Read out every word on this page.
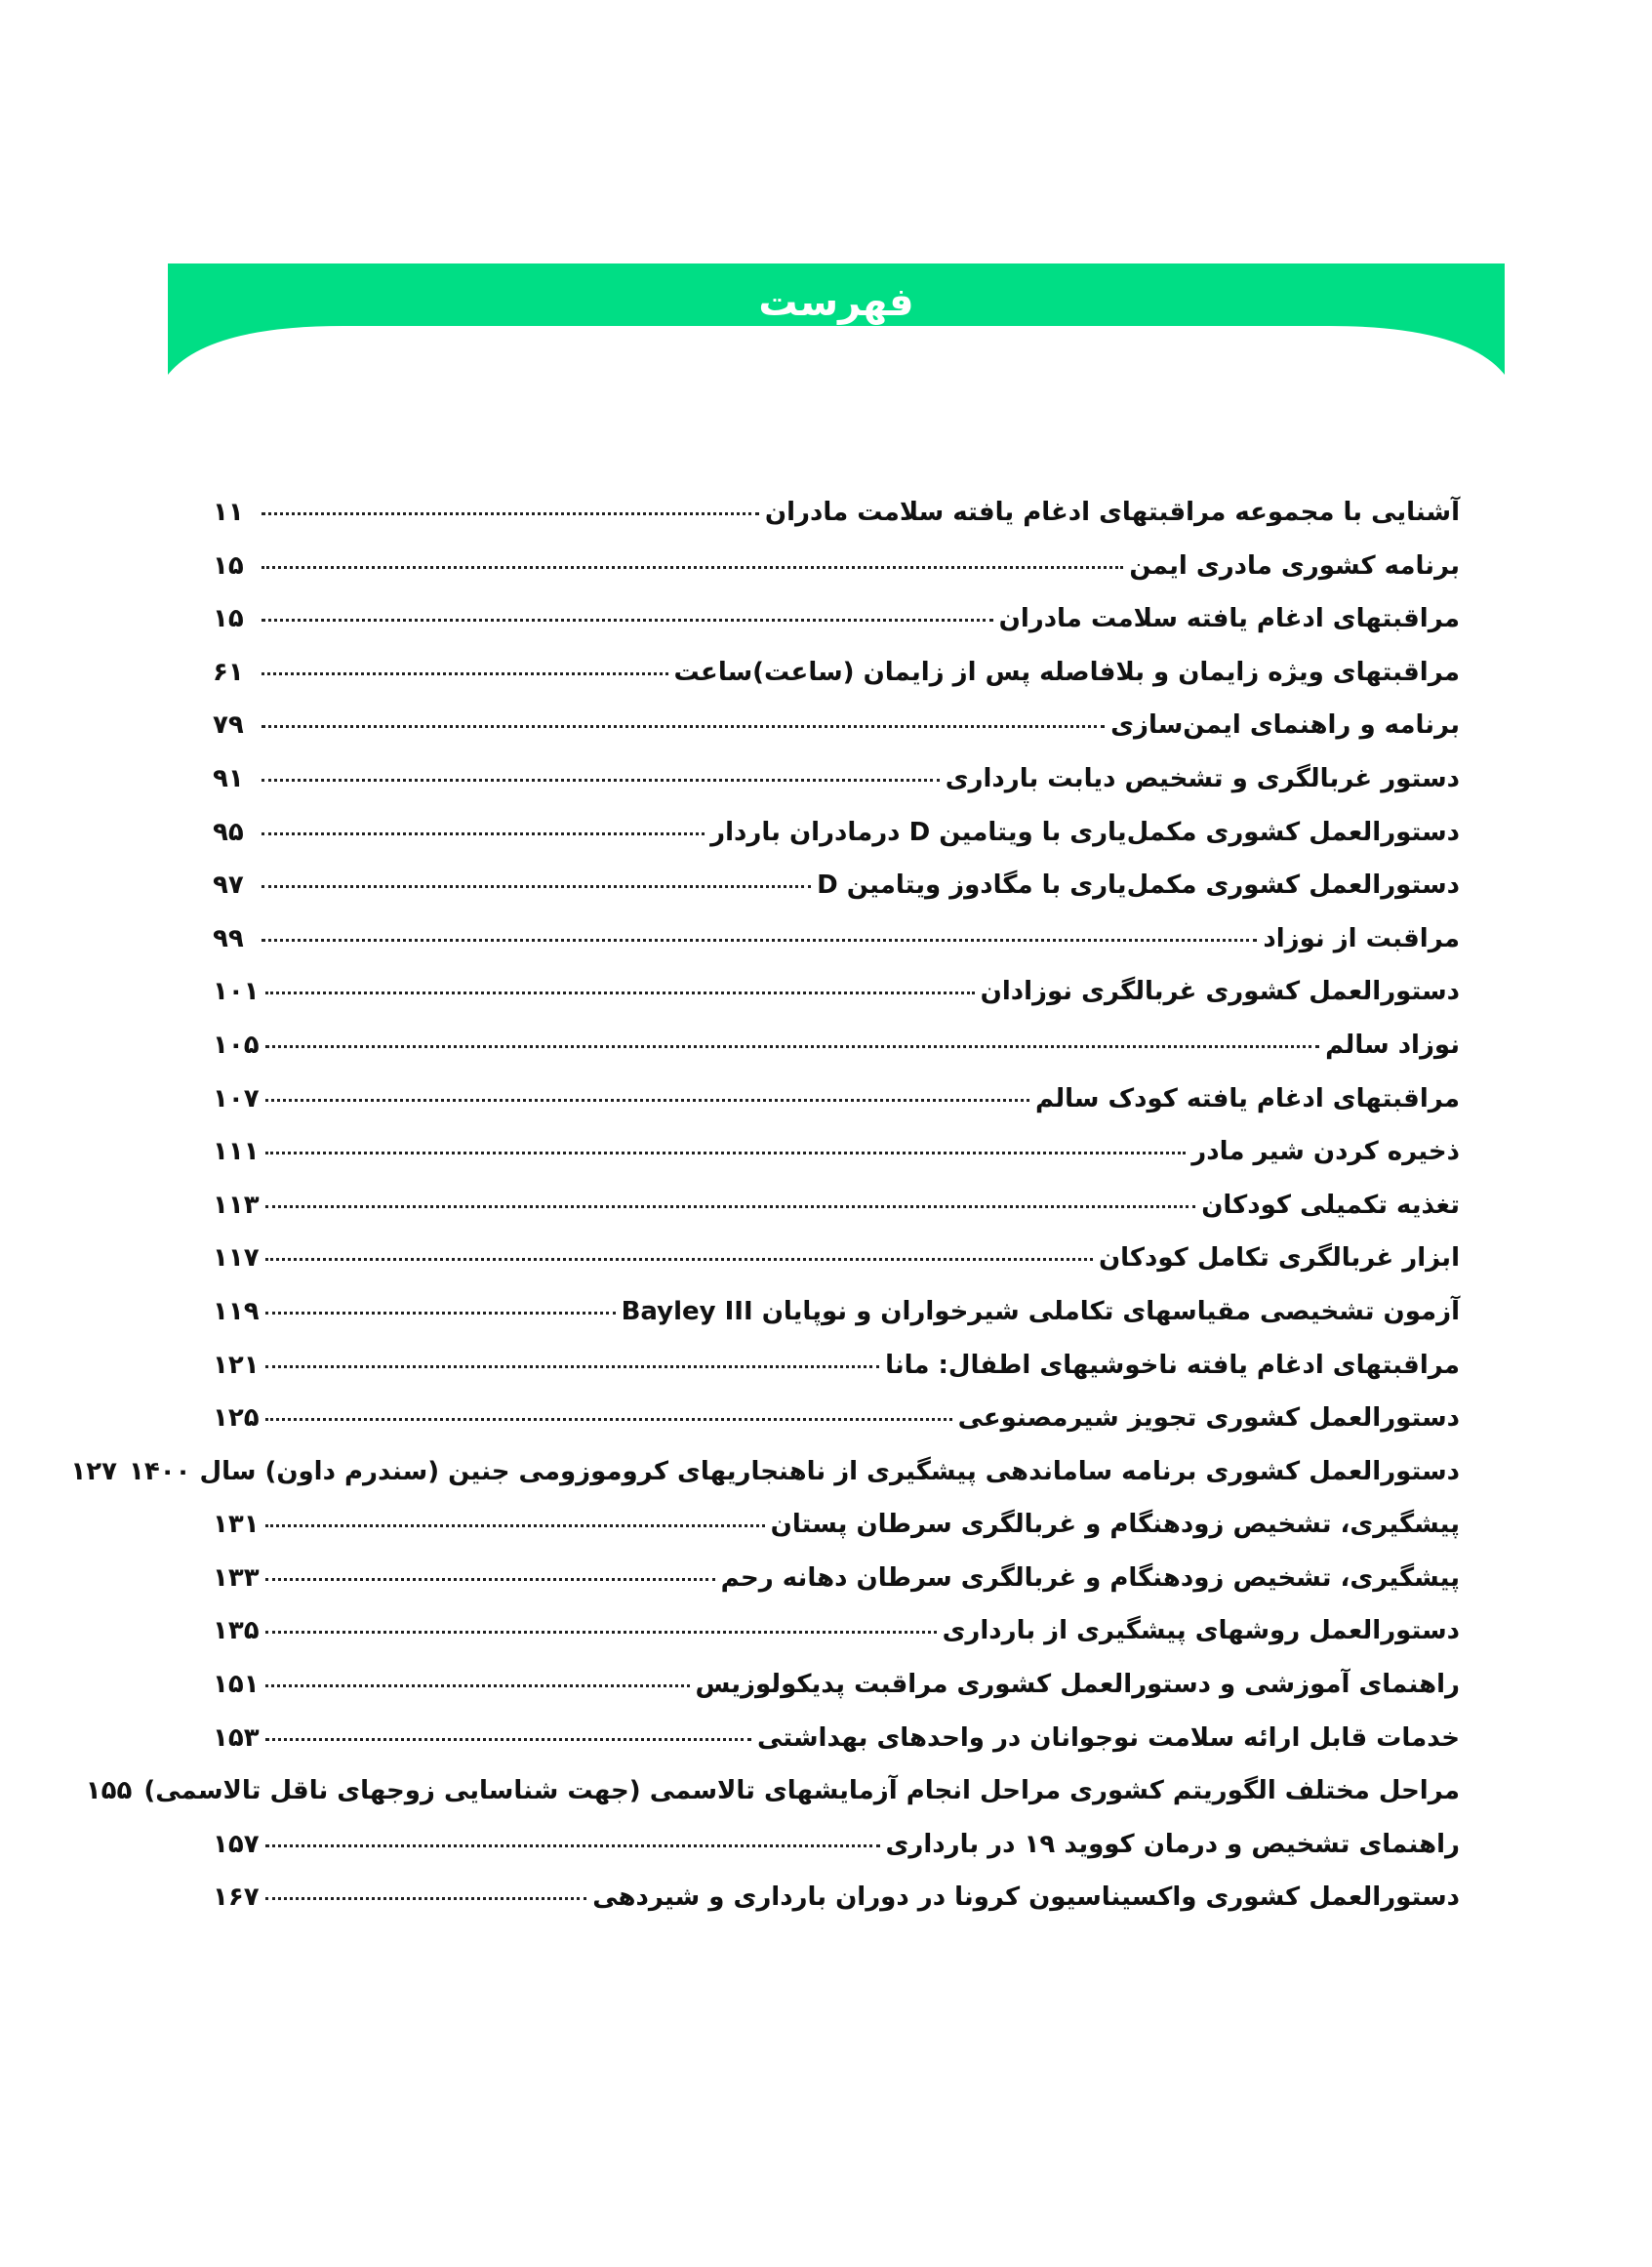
فهرست
آشنایی با مجموعه مراقبتهای ادغام یافته سلامت مادران
۱۱
برنامه کشوری مادری ایمن
۱۵
مراقبتهای ادغام یافته سلامت مادران
۱۵
مراقبتهای ویژه زایمان و بلافاصله پس از زایمان (ساعت)ساعت
۶۱
برنامه و راهنمای ایمن‌سازی
۷۹
دستور غربالگری و تشخیص دیابت بارداری
۹۱
دستورالعمل کشوری مکمل‌یاری با ویتامین D درمادران باردار
۹۵
دستورالعمل کشوری مکمل‌یاری با مگادوز ویتامین D
۹۷
مراقبت از نوزاد
۹۹
دستورالعمل کشوری غربالگری نوزادان
۱۰۱
نوزاد سالم
۱۰۵
مراقبتهای ادغام یافته کودک سالم
۱۰۷
ذخیره کردن شیر مادر
۱۱۱
تغذیه تکمیلی کودکان
۱۱۳
ابزار غربالگری تکامل کودکان
۱۱۷
آزمون تشخیصی مقیاسهای تکاملی شیرخواران و نوپایان Bayley III
۱۱۹
مراقبتهای ادغام یافته ناخوشیهای اطفال: مانا
۱۲۱
دستورالعمل کشوری تجویز شیرمصنوعی
۱۲۵
دستورالعمل کشوری برنامه ساماندهی پیشگیری از ناهنجاریهای کروموزومی جنین (سندرم داون) سال ۱۴۰۰
۱۲۷
پیشگیری، تشخیص زودهنگام و غربالگری سرطان پستان
۱۳۱
پیشگیری، تشخیص زودهنگام و غربالگری سرطان دهانه رحم
۱۳۳
دستورالعمل روشهای پیشگیری از بارداری
۱۳۵
راهنمای آموزشی و دستورالعمل کشوری مراقبت پدیکولوزیس
۱۵۱
خدمات قابل ارائه سلامت نوجوانان در واحدهای بهداشتی
۱۵۳
مراحل مختلف الگوریتم کشوری مراحل انجام آزمایشهای تالاسمی (جهت شناسایی زوجهای ناقل تالاسمی)
۱۵۵
راهنمای تشخیص و درمان کووید ۱۹ در بارداری
۱۵۷
دستورالعمل کشوری واکسیناسیون کرونا در دوران بارداری و شیردهی
۱۶۷
